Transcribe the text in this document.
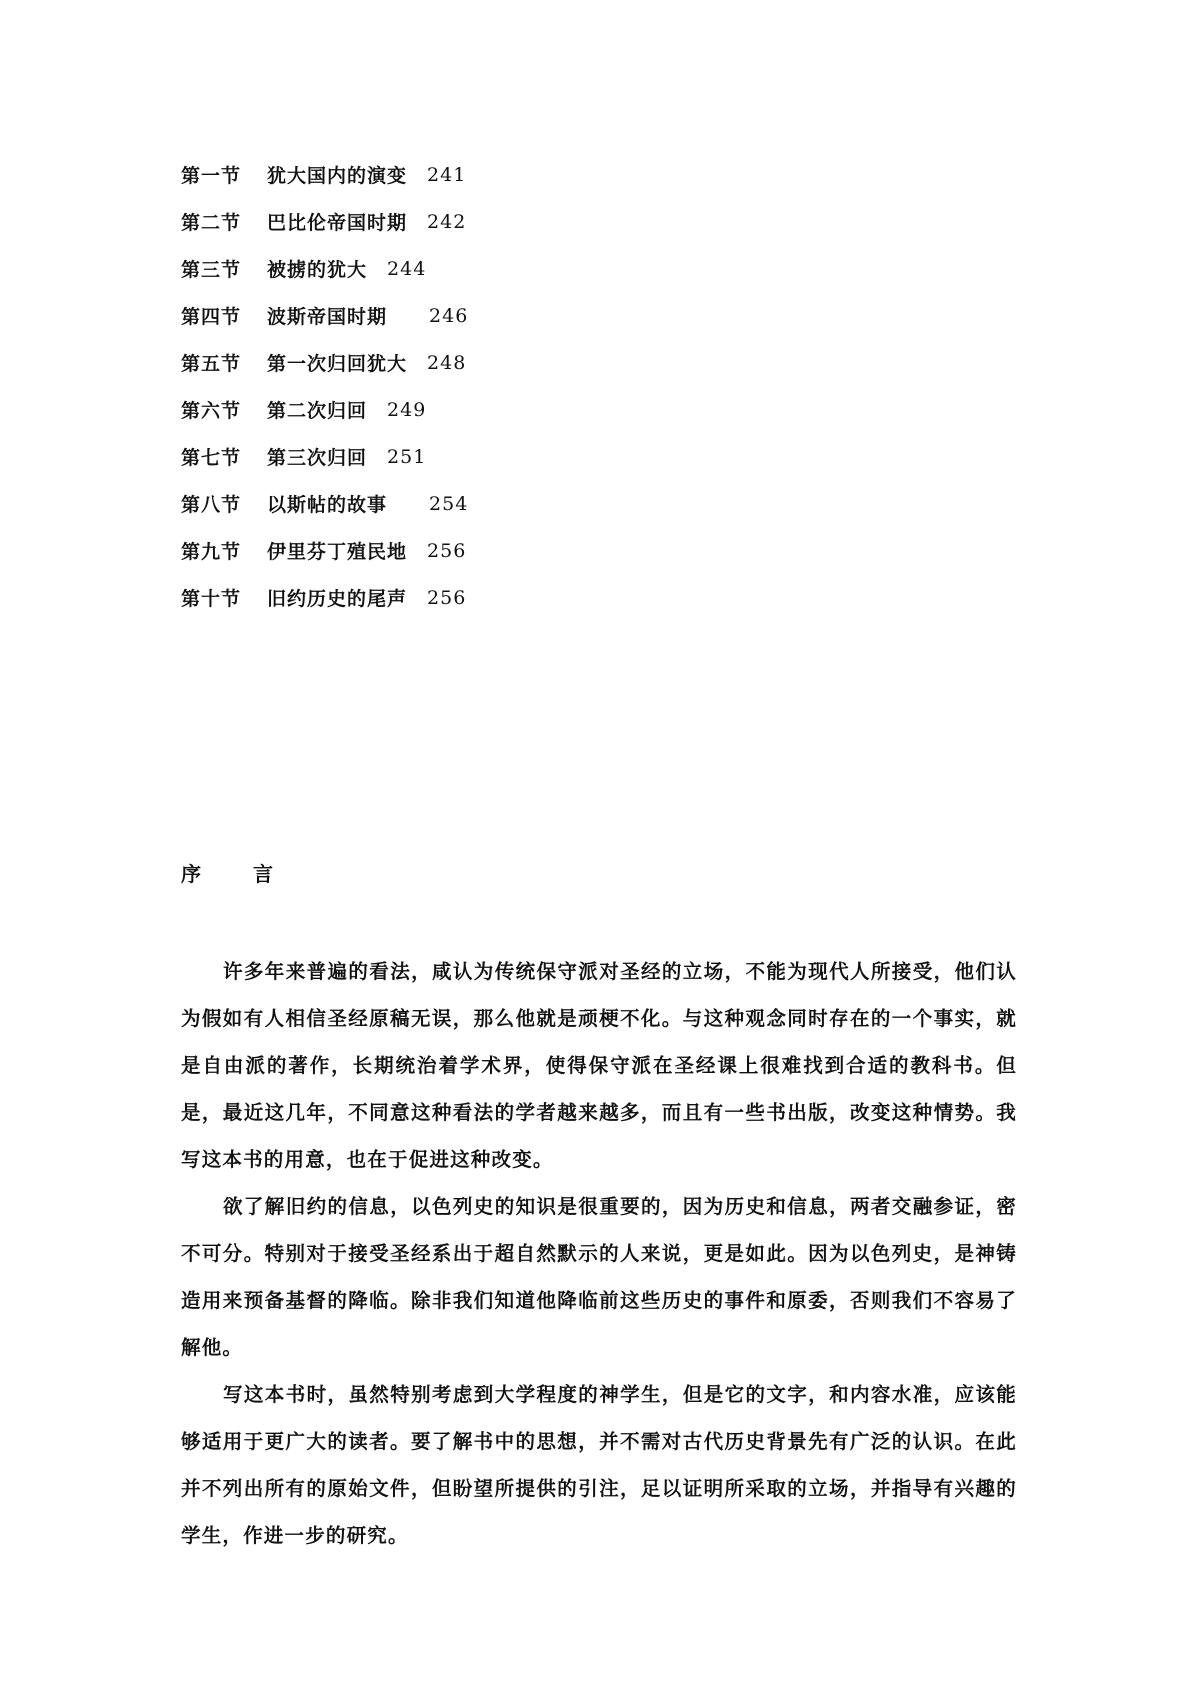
第一节	犹大国内的演变 241
第二节	巴比伦帝国时期 242
第三节	被掳的犹大 244
第四节	波斯帝国时期 246
第五节	第一次归回犹大 248
第六节	第二次归回 249
第七节	第三次归回 251
第八节	以斯帖的故事 254
第九节	伊里芬丁殖民地 256
第十节	旧约历史的尾声 256
序言

许多年来普遍的看法，咸认为传统保守派对圣经的立场，不能为现代人所接受，他们认为假如有人相信圣经原稿无误，那么他就是顽梗不化。与这种观念同时存在的一个事实，就是自由派的著作，长期统治着学术界，使得保守派在圣经课上很难找到合适的教科书。但是，最近这几年，不同意这种看法的学者越来越多，而且有一些书出版，改变这种情势。我写这本书的用意，也在于促进这种改变。

欲了解旧约的信息，以色列史的知识是很重要的，因为历史和信息，两者交融参证，密不可分。特别对于接受圣经系出于超自然默示的人来说，更是如此。因为以色列史，是神铸造用来预备基督的降临。除非我们知道他降临前这些历史的事件和原委，否则我们不容易了解他。

写这本书时，虽然特别考虑到大学程度的神学生，但是它的文字，和内容水准，应该能够适用于更广大的读者。要了解书中的思想，并不需对古代历史背景先有广泛的认识。在此并不列出所有的原始文件，但盼望所提供的引注，足以证明所采取的立场，并指导有兴趣的学生，作进一步的研究。
